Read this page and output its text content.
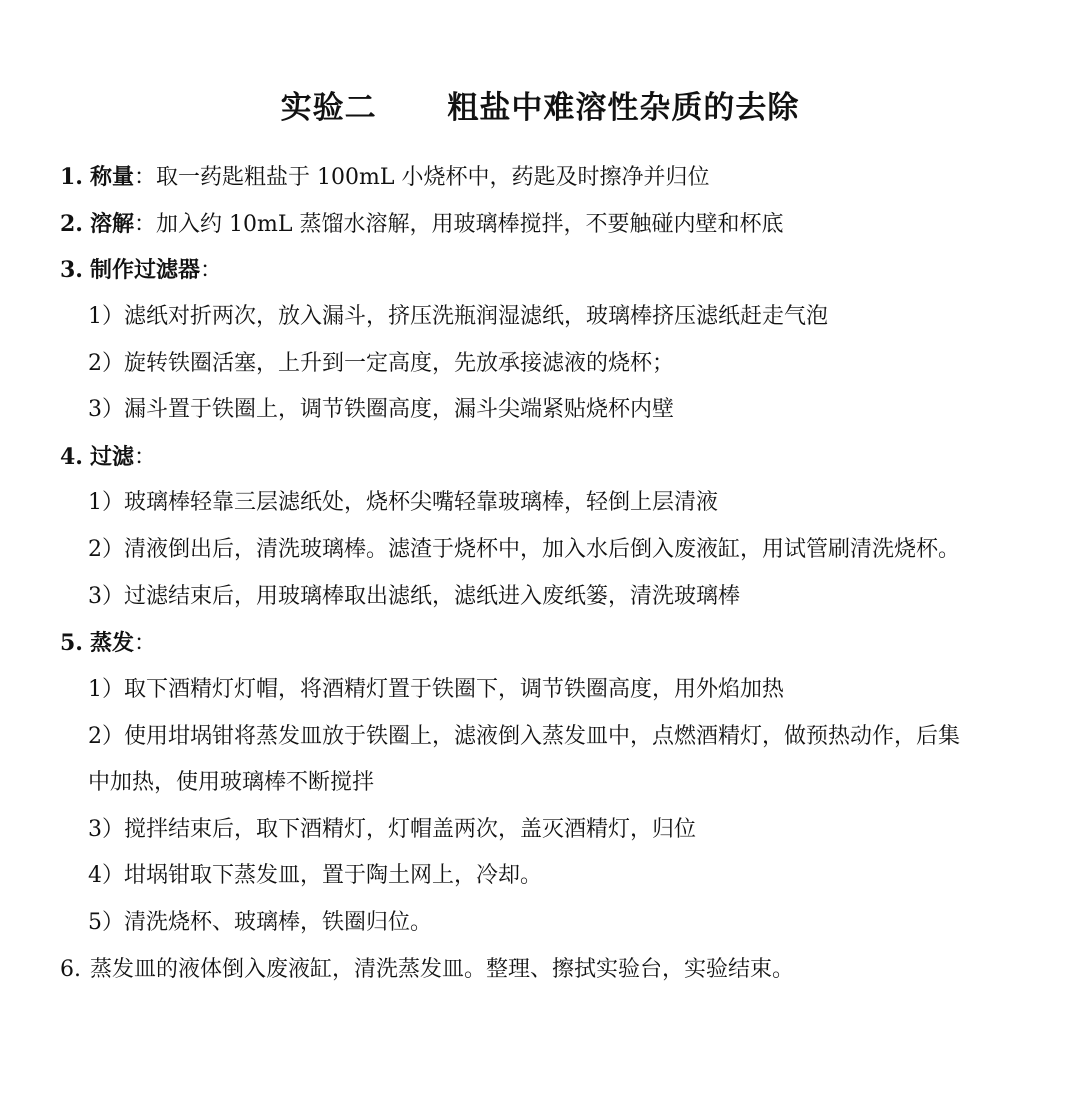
实验二      粗盐中难溶性杂质的去除
1. 称量：取一药匙粗盐于 100mL 小烧杯中，药匙及时擦净并归位
2. 溶解：加入约 10mL 蒸馏水溶解，用玻璃棒搅拌，不要触碰内壁和杯底
3. 制作过滤器：
1）滤纸对折两次，放入漏斗，挤压洗瓶润湿滤纸，玻璃棒挤压滤纸赶走气泡
2）旋转铁圈活塞，上升到一定高度，先放承接滤液的烧杯；
3）漏斗置于铁圈上，调节铁圈高度，漏斗尖端紧贴烧杯内壁
4. 过滤：
1）玻璃棒轻靠三层滤纸处，烧杯尖嘴轻靠玻璃棒，轻倒上层清液
2）清液倒出后，清洗玻璃棒。滤渣于烧杯中，加入水后倒入废液缸，用试管刷清洗烧杯。
3）过滤结束后，用玻璃棒取出滤纸，滤纸进入废纸篓，清洗玻璃棒
5. 蒸发：
1）取下酒精灯灯帽，将酒精灯置于铁圈下，调节铁圈高度，用外焰加热
2）使用坩埚钳将蒸发皿放于铁圈上，滤液倒入蒸发皿中，点燃酒精灯，做预热动作，后集
中加热，使用玻璃棒不断搅拌
3）搅拌结束后，取下酒精灯，灯帽盖两次，盖灭酒精灯，归位
4）坩埚钳取下蒸发皿，置于陶土网上，冷却。
5）清洗烧杯、玻璃棒，铁圈归位。
6. 蒸发皿的液体倒入废液缸，清洗蒸发皿。整理、擦拭实验台，实验结束。
